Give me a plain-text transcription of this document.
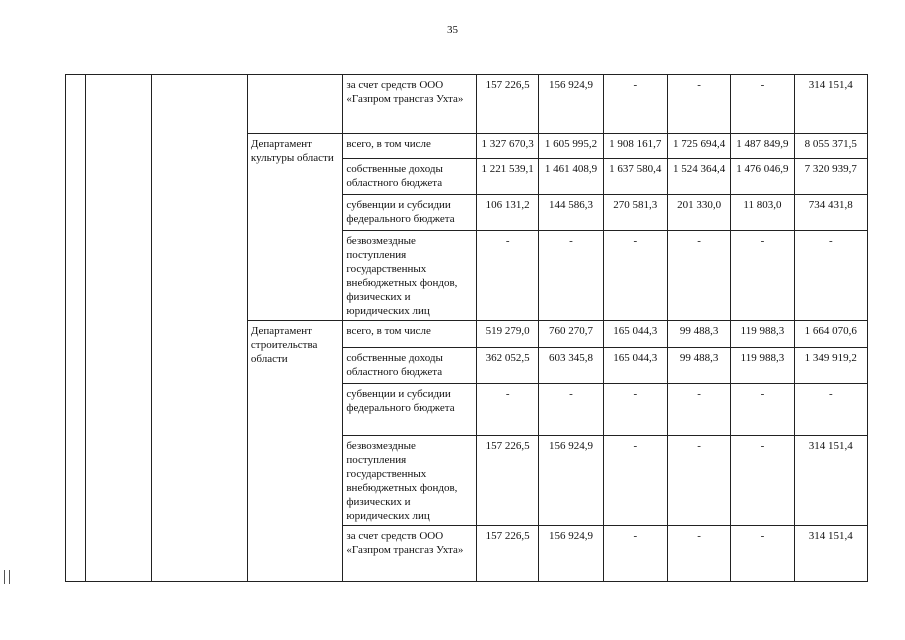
35
				за счет средств ООО «Газпром трансгаз Ухта»	157 226,5	156 924,9	-	-	-	314 151,4
			Департамент культуры области	всего, в том числе	1 327 670,3	1 605 995,2	1 908 161,7	1 725 694,4	1 487 849,9	8 055 371,5
				собственные доходы областного бюджета	1 221 539,1	1 461 408,9	1 637 580,4	1 524 364,4	1 476 046,9	7 320 939,7
				субвенции и субсидии федерального бюджета	106 131,2	144 586,3	270 581,3	201 330,0	11 803,0	734 431,8
				безвозмездные поступления государственных внебюджетных фондов, физических и юридических лиц	-	-	-	-	-	-
			Департамент строительства области	всего, в том числе	519 279,0	760 270,7	165 044,3	99 488,3	119 988,3	1 664 070,6
				собственные доходы областного бюджета	362 052,5	603 345,8	165 044,3	99 488,3	119 988,3	1 349 919,2
				субвенции и субсидии федерального бюджета	-	-	-	-	-	-
				безвозмездные поступления государственных внебюджетных фондов, физических и юридических лиц	157 226,5	156 924,9	-	-	-	314 151,4
				за счет средств ООО «Газпром трансгаз Ухта»	157 226,5	156 924,9	-	-	-	314 151,4
